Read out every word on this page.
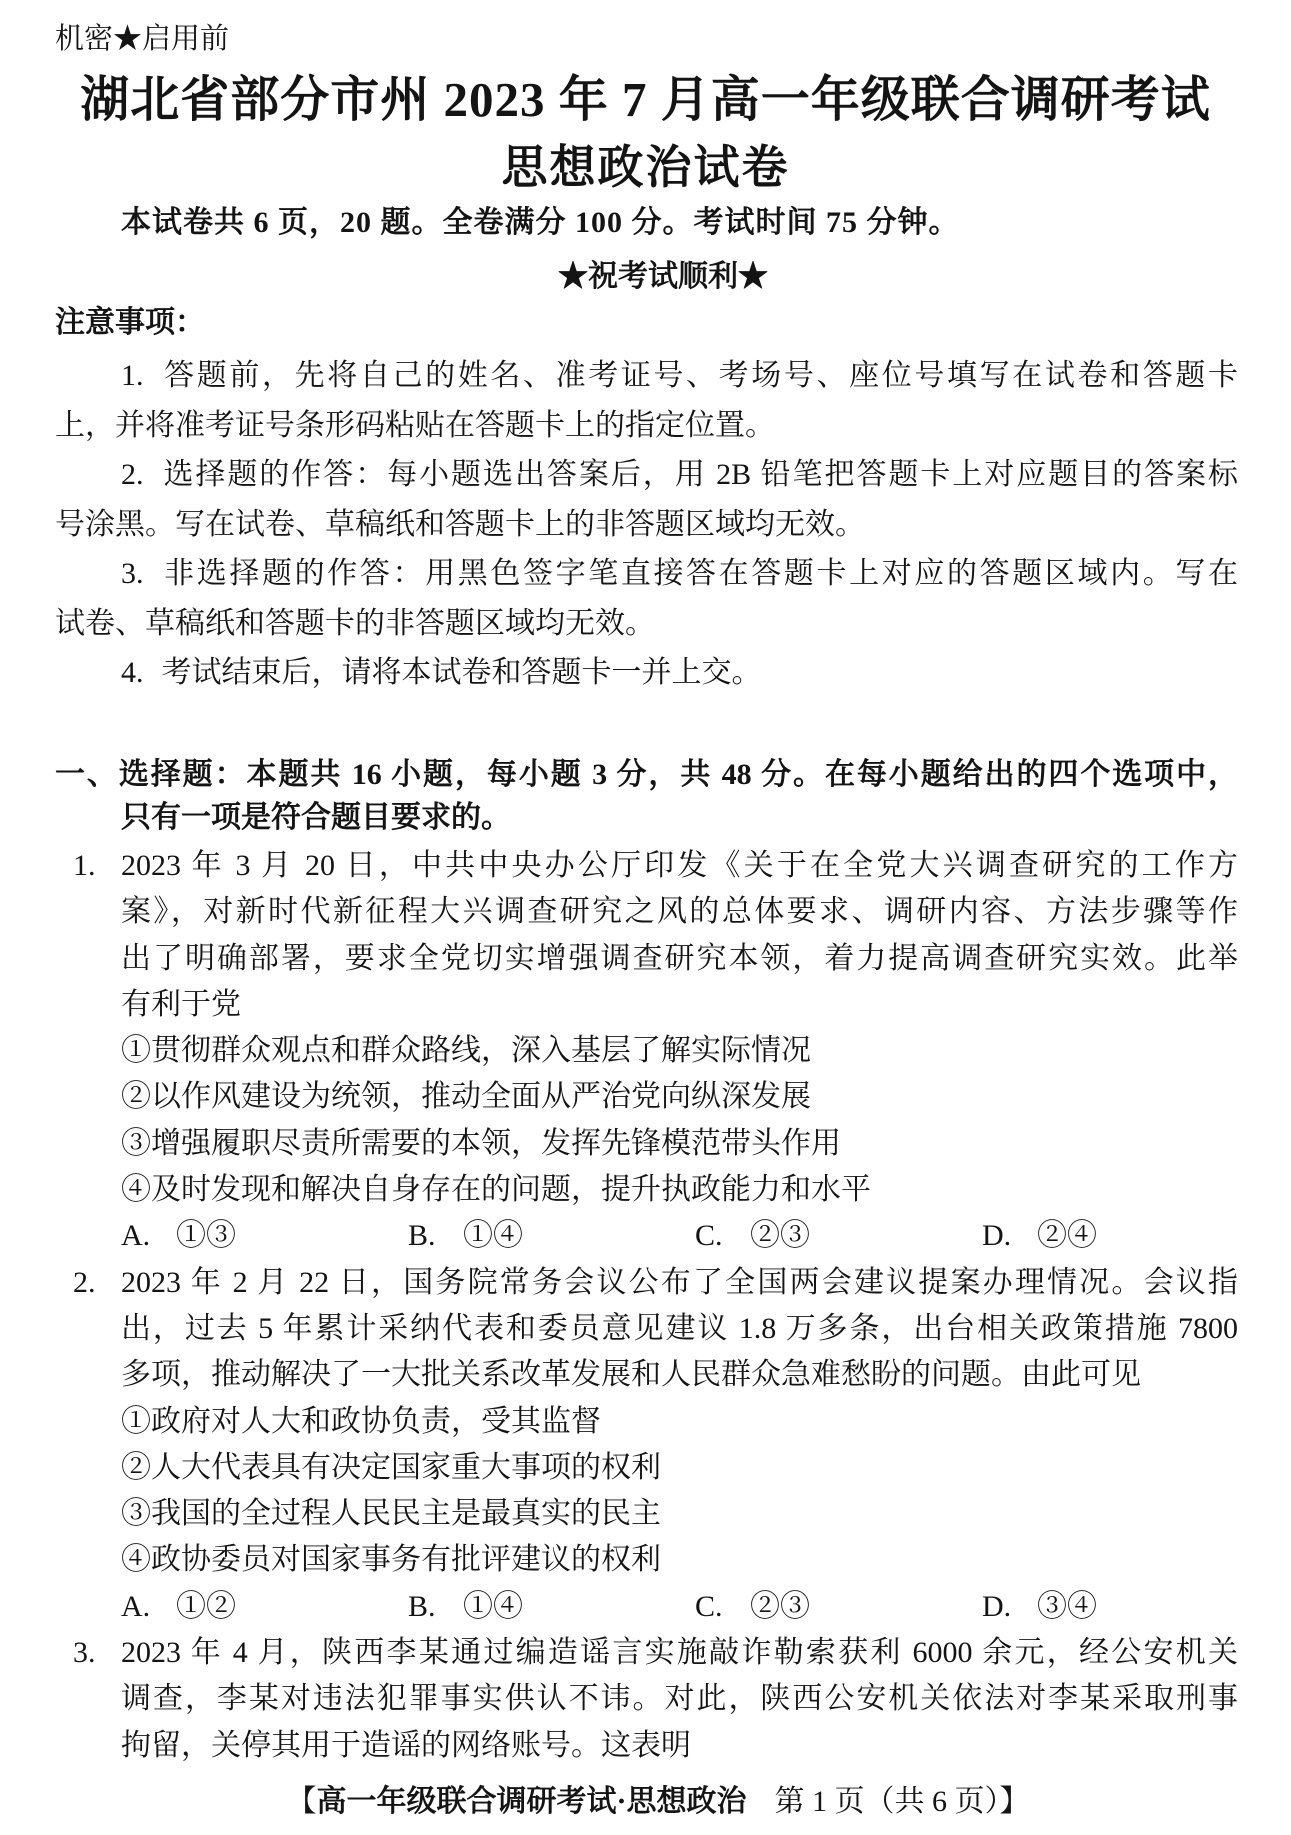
机密★启用前
湖北省部分市州 2023 年 7 月高一年级联合调研考试
思想政治试卷
本试卷共 6 页，20 题。全卷满分 100 分。考试时间 75 分钟。
★祝考试顺利★
注意事项：
1. 答题前，先将自己的姓名、准考证号、考场号、座位号填写在试卷和答题卡
上，并将准考证号条形码粘贴在答题卡上的指定位置。
2. 选择题的作答：每小题选出答案后，用 2B 铅笔把答题卡上对应题目的答案标
号涂黑。写在试卷、草稿纸和答题卡上的非答题区域均无效。
3. 非选择题的作答：用黑色签字笔直接答在答题卡上对应的答题区域内。写在
试卷、草稿纸和答题卡的非答题区域均无效。
4. 考试结束后，请将本试卷和答题卡一并上交。
一、选择题：本题共 16 小题，每小题 3 分，共 48 分。在每小题给出的四个选项中，
只有一项是符合题目要求的。
1. 2023 年 3 月 20 日，中共中央办公厅印发《关于在全党大兴调查研究的工作方
案》，对新时代新征程大兴调查研究之风的总体要求、调研内容、方法步骤等作
出了明确部署，要求全党切实增强调查研究本领，着力提高调查研究实效。此举
有利于党
①贯彻群众观点和群众路线，深入基层了解实际情况
②以作风建设为统领，推动全面从严治党向纵深发展
③增强履职尽责所需要的本领，发挥先锋模范带头作用
④及时发现和解决自身存在的问题，提升执政能力和水平
A. ①③	B. ①④	C. ②③	D. ②④
2. 2023 年 2 月 22 日，国务院常务会议公布了全国两会建议提案办理情况。会议指
出，过去 5 年累计采纳代表和委员意见建议 1.8 万多条，出台相关政策措施 7800
多项，推动解决了一大批关系改革发展和人民群众急难愁盼的问题。由此可见
①政府对人大和政协负责，受其监督
②人大代表具有决定国家重大事项的权利
③我国的全过程人民民主是最真实的民主
④政协委员对国家事务有批评建议的权利
A. ①②	B. ①④	C. ②③	D. ③④
3. 2023 年 4 月，陕西李某通过编造谣言实施敲诈勒索获利 6000 余元，经公安机关
调查，李某对违法犯罪事实供认不讳。对此，陕西公安机关依法对李某采取刑事
拘留，关停其用于造谣的网络账号。这表明
【高一年级联合调研考试·思想政治 第 1 页（共 6 页）】
